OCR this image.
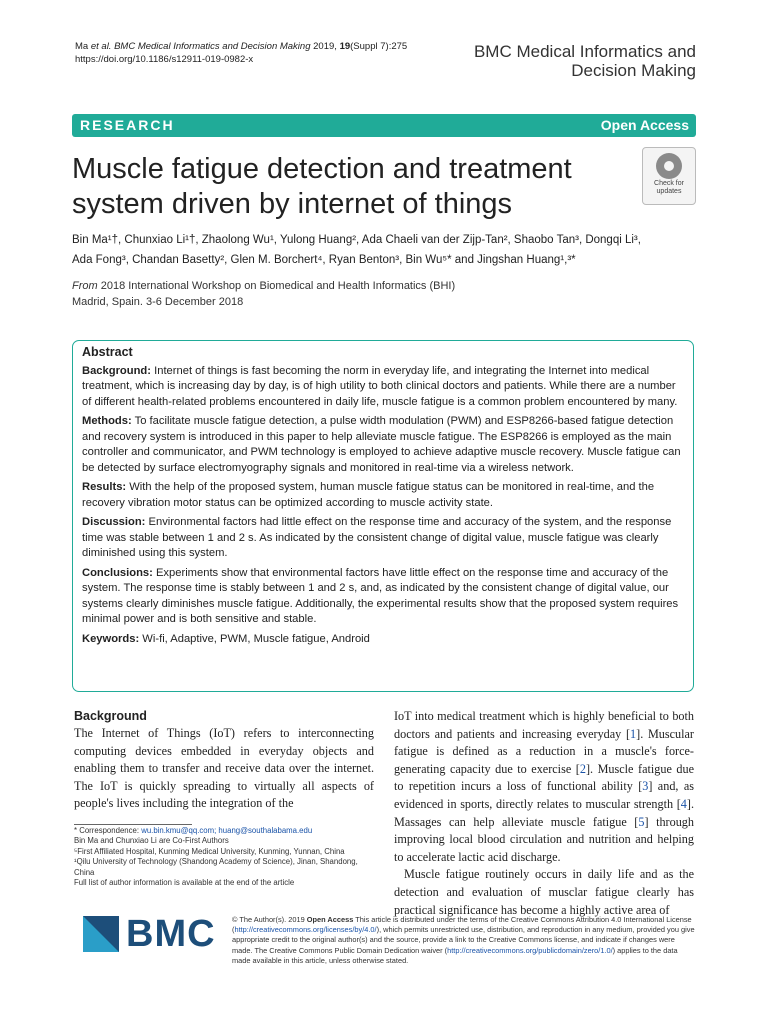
Ma et al. BMC Medical Informatics and Decision Making 2019, 19(Suppl 7):275
https://doi.org/10.1186/s12911-019-0982-x	BMC Medical Informatics and
Decision Making
RESEARCH	Open Access
Muscle fatigue detection and treatment system driven by internet of things
Check for
updates
Bin Ma¹†, Chunxiao Li¹†, Zhaolong Wu¹, Yulong Huang², Ada Chaeli van der Zijp-Tan², Shaobo Tan³, Dongqi Li³,
Ada Fong³, Chandan Basetty², Glen M. Borchert⁴, Ryan Benton³, Bin Wu⁵* and Jingshan Huang¹,³*
From 2018 International Workshop on Biomedical and Health Informatics (BHI)
Madrid, Spain. 3-6 December 2018
Abstract

Background: Internet of things is fast becoming the norm in everyday life, and integrating the Internet into medical treatment, which is increasing day by day, is of high utility to both clinical doctors and patients. While there are a number of different health-related problems encountered in daily life, muscle fatigue is a common problem encountered by many.

Methods: To facilitate muscle fatigue detection, a pulse width modulation (PWM) and ESP8266-based fatigue detection and recovery system is introduced in this paper to help alleviate muscle fatigue. The ESP8266 is employed as the main controller and communicator, and PWM technology is employed to achieve adaptive muscle recovery. Muscle fatigue can be detected by surface electromyography signals and monitored in real-time via a wireless network.

Results: With the help of the proposed system, human muscle fatigue status can be monitored in real-time, and the recovery vibration motor status can be optimized according to muscle activity state.

Discussion: Environmental factors had little effect on the response time and accuracy of the system, and the response time was stable between 1 and 2 s. As indicated by the consistent change of digital value, muscle fatigue was clearly diminished using this system.

Conclusions: Experiments show that environmental factors have little effect on the response time and accuracy of the system. The response time is stably between 1 and 2 s, and, as indicated by the consistent change of digital value, our systems clearly diminishes muscle fatigue. Additionally, the experimental results show that the proposed system requires minimal power and is both sensitive and stable.

Keywords: Wi-fi, Adaptive, PWM, Muscle fatigue, Android

Background

The Internet of Things (IoT) refers to interconnecting computing devices embedded in everyday objects and enabling them to transfer and receive data over the internet. The IoT is quickly spreading to virtually all aspects of people's lives including the integration of the

IoT into medical treatment which is highly beneficial to both doctors and patients and increasing everyday [1]. Muscular fatigue is defined as a reduction in a muscle's force-generating capacity due to exercise [2]. Muscle fatigue due to repetition incurs a loss of functional ability [3] and, as evidenced in sports, directly relates to muscular strength [4]. Massages can help alleviate muscle fatigue [5] through improving local blood circulation and nutrition and helping to accelerate lactic acid discharge.

Muscle fatigue routinely occurs in daily life and as the detection and evaluation of musclar fatigue clearly has practical significance has become a highly active area of

* Correspondence: wu.bin.kmu@qq.com; huang@southalabama.edu
Bin Ma and Chunxiao Li are Co-First Authors
⁵First Affiliated Hospital, Kunming Medical University, Kunming, Yunnan, China
¹Qilu University of Technology (Shandong Academy of Science), Jinan, Shandong, China
Full list of author information is available at the end of the article
BMC © The Author(s). 2019 Open Access This article is distributed under the terms of the Creative Commons Attribution 4.0 International License (http://creativecommons.org/licenses/by/4.0/), which permits unrestricted use, distribution, and reproduction in any medium, provided you give appropriate credit to the original author(s) and the source, provide a link to the Creative Commons license, and indicate if changes were made. The Creative Commons Public Domain Dedication waiver (http://creativecommons.org/publicdomain/zero/1.0/) applies to the data made available in this article, unless otherwise stated.
